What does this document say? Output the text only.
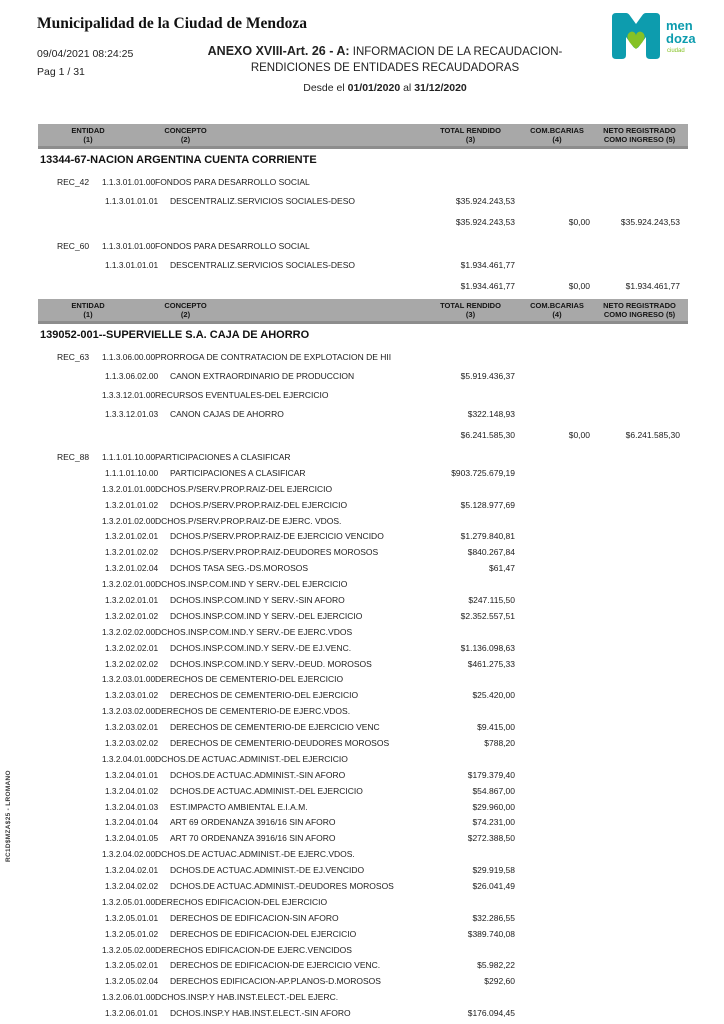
RC1D$MZA$25 - LROMANO
Municipalidad de la Ciudad de Mendoza
09/04/2021 08:24:25
Pag 1 / 31
ANEXO XVIII-Art. 26 - A: INFORMACION DE LA RECAUDACION-
RENDICIONES DE ENTIDADES RECAUDADORAS
Desde el 01/01/2020 al 31/12/2020
men
doza
ciudad
ENTIDAD
(1)
CONCEPTO
(2)
TOTAL RENDIDO
(3)
COM.BCARIAS
(4)
NETO REGISTRADO
COMO INGRESO (5)
13344-67-NACION ARGENTINA CUENTA CORRIENTE
REC_42	1.1.3.01.01.00 FONDOS PARA DESARROLLO SOCIAL
1.1.3.01.01.01	DESCENTRALIZ.SERVICIOS SOCIALES-DESO	$35.924.243,53
$35.924.243,53	$0,00	$35.924.243,53
REC_60	1.1.3.01.01.00 FONDOS PARA DESARROLLO SOCIAL
1.1.3.01.01.01	DESCENTRALIZ.SERVICIOS SOCIALES-DESO	$1.934.461,77
$1.934.461,77	$0,00	$1.934.461,77
ENTIDAD
(1)
CONCEPTO
(2)
TOTAL RENDIDO
(3)
COM.BCARIAS
(4)
NETO REGISTRADO
COMO INGRESO (5)
139052-001--SUPERVIELLE S.A. CAJA DE AHORRO
REC_63	1.1.3.06.00.00 PRORROGA DE CONTRATACION DE EXPLOTACION DE HII
1.1.3.06.02.00	CANON EXTRAORDINARIO DE PRODUCCION	$5.919.436,37
1.3.3.12.01.00 RECURSOS EVENTUALES-DEL EJERCICIO
1.3.3.12.01.03	CANON CAJAS DE AHORRO	$322.148,93
$6.241.585,30	$0,00	$6.241.585,30
REC_88	1.1.1.01.10.00 PARTICIPACIONES A CLASIFICAR
1.1.1.01.10.00	PARTICIPACIONES A CLASIFICAR	$903.725.679,19
1.3.2.01.01.00 DCHOS.P/SERV.PROP.RAIZ-DEL EJERCICIO
1.3.2.01.01.02	DCHOS.P/SERV.PROP.RAIZ-DEL EJERCICIO	$5.128.977,69
1.3.2.01.02.00 DCHOS.P/SERV.PROP.RAIZ-DE EJERC. VDOS.
1.3.2.01.02.01	DCHOS.P/SERV.PROP.RAIZ-DE EJERCICIO VENCIDO	$1.279.840,81
1.3.2.01.02.02	DCHOS.P/SERV.PROP.RAIZ-DEUDORES MOROSOS	$840.267,84
1.3.2.01.02.04	DCHOS TASA SEG.-DS.MOROSOS	$61,47
1.3.2.02.01.00 DCHOS.INSP.COM.IND Y SERV.-DEL EJERCICIO
1.3.2.02.01.01	DCHOS.INSP.COM.IND Y SERV.-SIN AFORO	$247.115,50
1.3.2.02.01.02	DCHOS.INSP.COM.IND Y SERV.-DEL EJERCICIO	$2.352.557,51
1.3.2.02.02.00 DCHOS.INSP.COM.IND.Y SERV.-DE EJERC.VDOS
1.3.2.02.02.01	DCHOS.INSP.COM.IND.Y SERV.-DE EJ.VENC.	$1.136.098,63
1.3.2.02.02.02	DCHOS.INSP.COM.IND.Y SERV.-DEUD. MOROSOS	$461.275,33
1.3.2.03.01.00 DERECHOS DE CEMENTERIO-DEL EJERCICIO
1.3.2.03.01.02	DERECHOS DE CEMENTERIO-DEL EJERCICIO	$25.420,00
1.3.2.03.02.00 DERECHOS DE CEMENTERIO-DE EJERC.VDOS.
1.3.2.03.02.01	DERECHOS DE CEMENTERIO-DE EJERCICIO VENC	$9.415,00
1.3.2.03.02.02	DERECHOS DE CEMENTERIO-DEUDORES MOROSOS	$788,20
1.3.2.04.01.00 DCHOS.DE ACTUAC.ADMINIST.-DEL EJERCICIO
1.3.2.04.01.01	DCHOS.DE ACTUAC.ADMINIST.-SIN AFORO	$179.379,40
1.3.2.04.01.02	DCHOS.DE ACTUAC.ADMINIST.-DEL EJERCICIO	$54.867,00
1.3.2.04.01.03	EST.IMPACTO AMBIENTAL E.I.A.M.	$29.960,00
1.3.2.04.01.04	ART 69 ORDENANZA 3916/16 SIN AFORO	$74.231,00
1.3.2.04.01.05	ART 70 ORDENANZA 3916/16 SIN AFORO	$272.388,50
1.3.2.04.02.00 DCHOS.DE ACTUAC.ADMINIST.-DE EJERC.VDOS.
1.3.2.04.02.01	DCHOS.DE ACTUAC.ADMINIST.-DE EJ.VENCIDO	$29.919,58
1.3.2.04.02.02	DCHOS.DE ACTUAC.ADMINIST.-DEUDORES MOROSOS	$26.041,49
1.3.2.05.01.00 DERECHOS EDIFICACION-DEL EJERCICIO
1.3.2.05.01.01	DERECHOS DE EDIFICACION-SIN AFORO	$32.286,55
1.3.2.05.01.02	DERECHOS DE EDIFICACION-DEL EJERCICIO	$389.740,08
1.3.2.05.02.00 DERECHOS EDIFICACION-DE EJERC.VENCIDOS
1.3.2.05.02.01	DERECHOS DE EDIFICACION-DE EJERCICIO VENC.	$5.982,22
1.3.2.05.02.04	DERECHOS EDIFICACION-AP.PLANOS-D.MOROSOS	$292,60
1.3.2.06.01.00 DCHOS.INSP.Y HAB.INST.ELECT.-DEL EJERC.
1.3.2.06.01.01	DCHOS.INSP.Y HAB.INST.ELECT.-SIN AFORO	$176.094,45
